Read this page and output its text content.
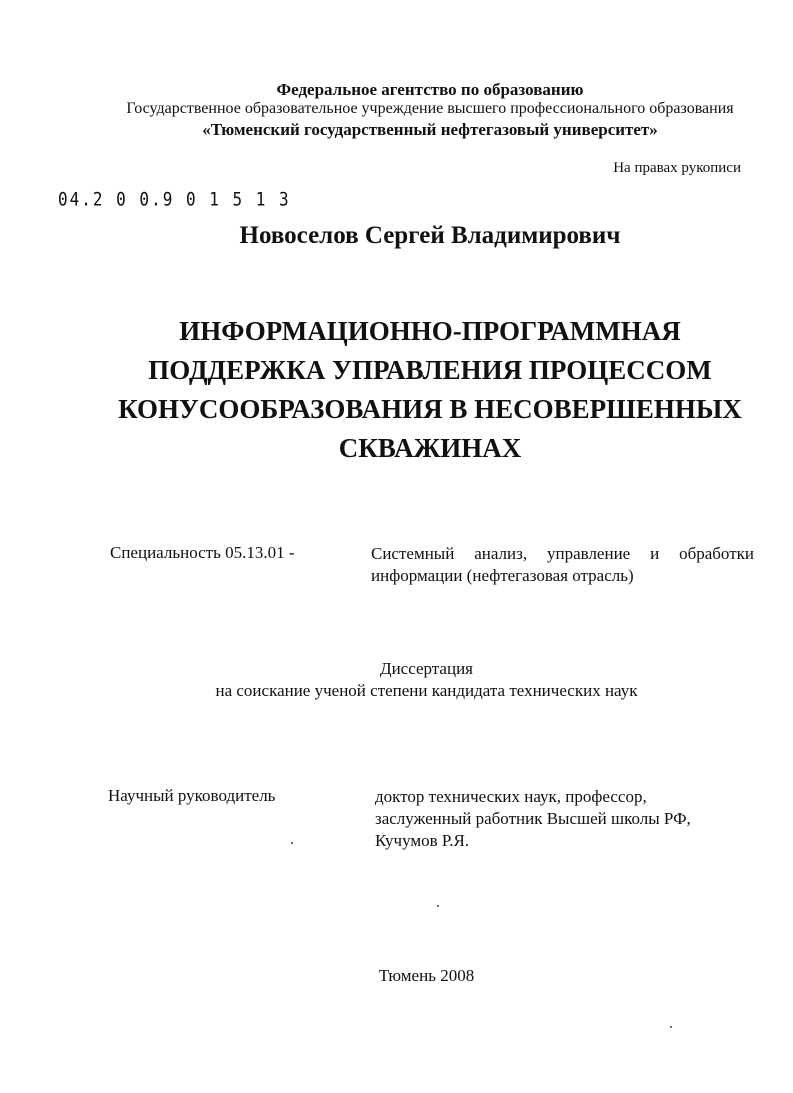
Федеральное агентство по образованию
Государственное образовательное учреждение высшего профессионального образования
«Тюменский государственный нефтегазовый университет»
На правах рукописи
04.2 0 0.9 0 1 5 1 3
Новоселов Сергей Владимирович
ИНФОРМАЦИОННО-ПРОГРАММНАЯ
ПОДДЕРЖКА УПРАВЛЕНИЯ ПРОЦЕССОМ
КОНУСООБРАЗОВАНИЯ В НЕСОВЕРШЕННЫХ
СКВАЖИНАХ
Специальность 05.13.01 -	Системный анализ, управление и обработки информации (нефтегазовая отрасль)
Диссертация
на соискание ученой степени кандидата технических наук
Научный руководитель	доктор технических наук, профессор,
заслуженный работник Высшей школы РФ,
Кучумов Р.Я.
Тюмень 2008
